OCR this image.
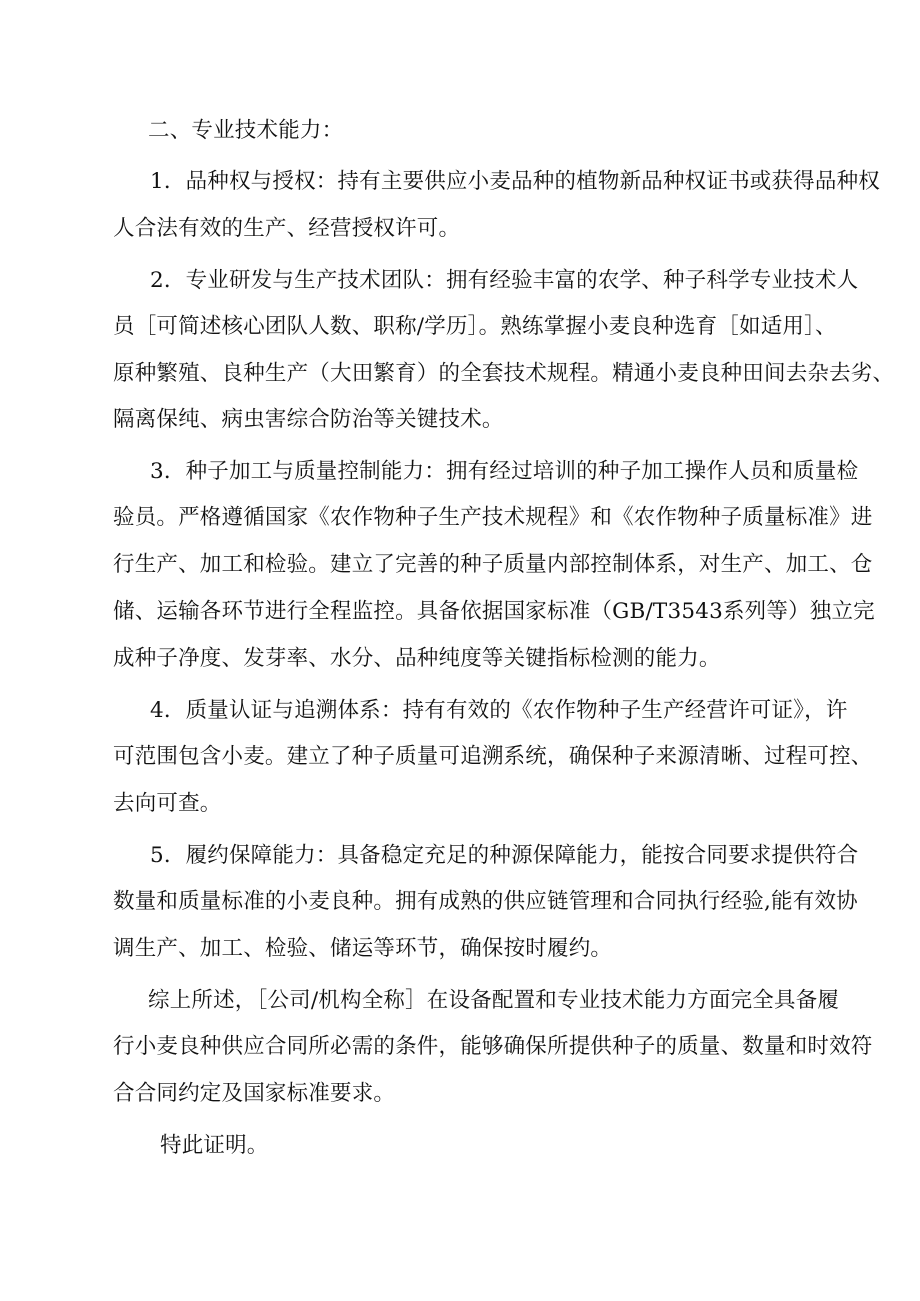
二、专业技术能力：
1．品种权与授权：持有主要供应小麦品种的植物新品种权证书或获得品种权
人合法有效的生产、经营授权许可。
2．专业研发与生产技术团队：拥有经验丰富的农学、种子科学专业技术人
员［可简述核心团队人数、职称/学历］。熟练掌握小麦良种选育［如适用］、
原种繁殖、良种生产（大田繁育）的全套技术规程。精通小麦良种田间去杂去劣、
隔离保纯、病虫害综合防治等关键技术。
3．种子加工与质量控制能力：拥有经过培训的种子加工操作人员和质量检
验员。严格遵循国家《农作物种子生产技术规程》和《农作物种子质量标准》进
行生产、加工和检验。建立了完善的种子质量内部控制体系，对生产、加工、仓
储、运输各环节进行全程监控。具备依据国家标准（GB/T3543系列等）独立完
成种子净度、发芽率、水分、品种纯度等关键指标检测的能力。
4．质量认证与追溯体系：持有有效的《农作物种子生产经营许可证》，许
可范围包含小麦。建立了种子质量可追溯系统，确保种子来源清晰、过程可控、
去向可查。
5．履约保障能力：具备稳定充足的种源保障能力，能按合同要求提供符合
数量和质量标准的小麦良种。拥有成熟的供应链管理和合同执行经验,能有效协
调生产、加工、检验、储运等环节，确保按时履约。
综上所述，［公司/机构全称］在设备配置和专业技术能力方面完全具备履
行小麦良种供应合同所必需的条件，能够确保所提供种子的质量、数量和时效符
合合同约定及国家标准要求。
特此证明。
